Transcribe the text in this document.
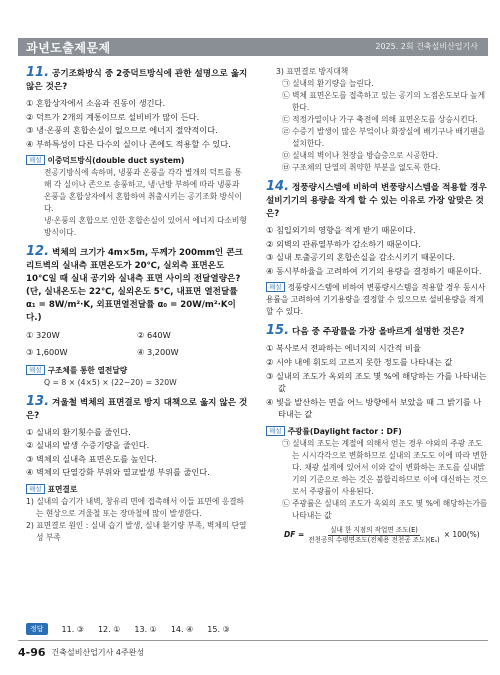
과년도출제문제	2025. 2회 건축설비산업기사
11. 공기조화방식 중 2중덕트방식에 관한 설명으로 옳지 않은 것은?
① 혼합상자에서 소음과 진동이 생긴다.
② 덕트가 2개의 계통이므로 설비비가 많이 든다.
③ 냉·온풍의 혼합손실이 없으므로 에너지 절약적이다.
④ 부하특성이 다른 다수의 실이나 존에도 적용할 수 있다.
해설 이중덕트방식(double duct system)
전공기방식에 속하며, 냉풍과 온풍을 각각 별개의 덕트를 통해 각 실이나 존으로 송풍하고, 냉·난방 부하에 따라 냉풍과 온풍을 혼합상자에서 혼합하여 취출시키는 공기조화 방식이다.
냉·온풍의 혼합으로 인한 혼합손실이 있어서 에너지 다소비형 방식이다.
12. 벽체의 크기가 4m×5m, 두께가 200mm인 콘크리트벽의 실내측 표면온도가 20℃, 실외측 표면온도 10℃일 때 실내 공기와 실내측 표면 사이의 전달열량은? (단, 실내온도는 22℃, 실외온도 5℃, 내표면 열전달률 α₁ = 8W/m²·K, 외표면열전달률 α₀ = 20W/m²·K이다.)
① 320W	② 640W
③ 1,600W	④ 3,200W
해설 구조체를 통한 열전달량
Q = 8 × (4×5) × (22−20) = 320W
13. 겨울철 벽체의 표면결로 방지 대책으로 옳지 않은 것은?
① 실내의 환기횟수를 줄인다.
② 실내의 발생 수증기량을 줄인다.
③ 벽체의 실내측 표면온도를 높인다.
④ 벽체의 단열강화 부위와 열교발생 부위를 줄인다.
해설 표면결로
1) 실내의 습기가 내벽, 창유리 면에 접촉해서 이들 표면에 응결하는 현상으로 겨울철 또는 장마철에 많이 발생한다.
2) 표면결로 원인 : 실내 습기 발생, 실내 환기량 부족, 벽체의 단열성 부족
3) 표면결로 방지대책
㉠ 실내의 환기량을 늘린다.
㉡ 벽체 표면온도를 접촉하고 있는 공기의 노점온도보다 높게 한다.
㉢ 적정가열이나 가구 축전에 의해 표면온도를 상승시킨다.
㉣ 수증기 발생이 많은 부엌이나 화장실에 배기구나 배기팬을 설치한다.
㉤ 실내의 벽이나 천장을 방습층으로 시공한다.
㉥ 구조체의 단열의 취약한 부분을 없도록 한다.
14. 정풍량시스템에 비하여 변풍량시스템을 적용할 경우 설비기기의 용량을 작게 할 수 있는 이유로 가장 알맞은 것은?
① 침입외기의 영향을 적게 받기 때문이다.
② 외벽의 관류열부하가 감소하기 때문이다.
③ 실내 토출공기의 혼합손실을 감소시키기 때문이다.
④ 동시부하율을 고려하여 기기의 용량을 결정하기 때문이다.
해설 정풍량시스템에 비하여 변풍량시스템을 적용할 경우 동시사용률을 고려하여 기기용량을 결정할 수 있으므로 설비용량을 적게 할 수 있다.
15. 다음 중 주광률을 가장 올바르게 설명한 것은?
① 복사로서 전파하는 에너지의 시간적 비율
② 시야 내에 휘도의 고르지 못한 정도를 나타내는 값
③ 실내의 조도가 옥외의 조도 몇 %에 해당하는 가를 나타내는 값
④ 빛을 발산하는 면을 어느 방향에서 보았을 때 그 밝기를 나타내는 값
해설 주광률(Daylight factor : DF)
㉠ 실내의 조도는 계절에 의해서 얻는 경우 야외의 주광 조도는 시시각각으로 변화하므로 실내의 조도도 이에 따라 변한다. 채광 설계에 있어서 이와 같이 변화하는 조도를 실내밝기의 기준으로 하는 것은 불합리하므로 이에 대신하는 것으로서 주광률이 사용된다.
㉡ 주광률은 실내의 조도가 옥외의 조도 몇 %에 해당하는가를 나타내는 값
DF = $\frac{\text{실내 한 지점의 작업면 조도(E)}}{\text{전천공의 수평면조도(전체용 전천공 조도)(Eₛ)}} \times 100(\%)$
정답	11. ③ 12. ① 13. ① 14. ④ 15. ③
4-96 건축설비산업기사 4주완성
